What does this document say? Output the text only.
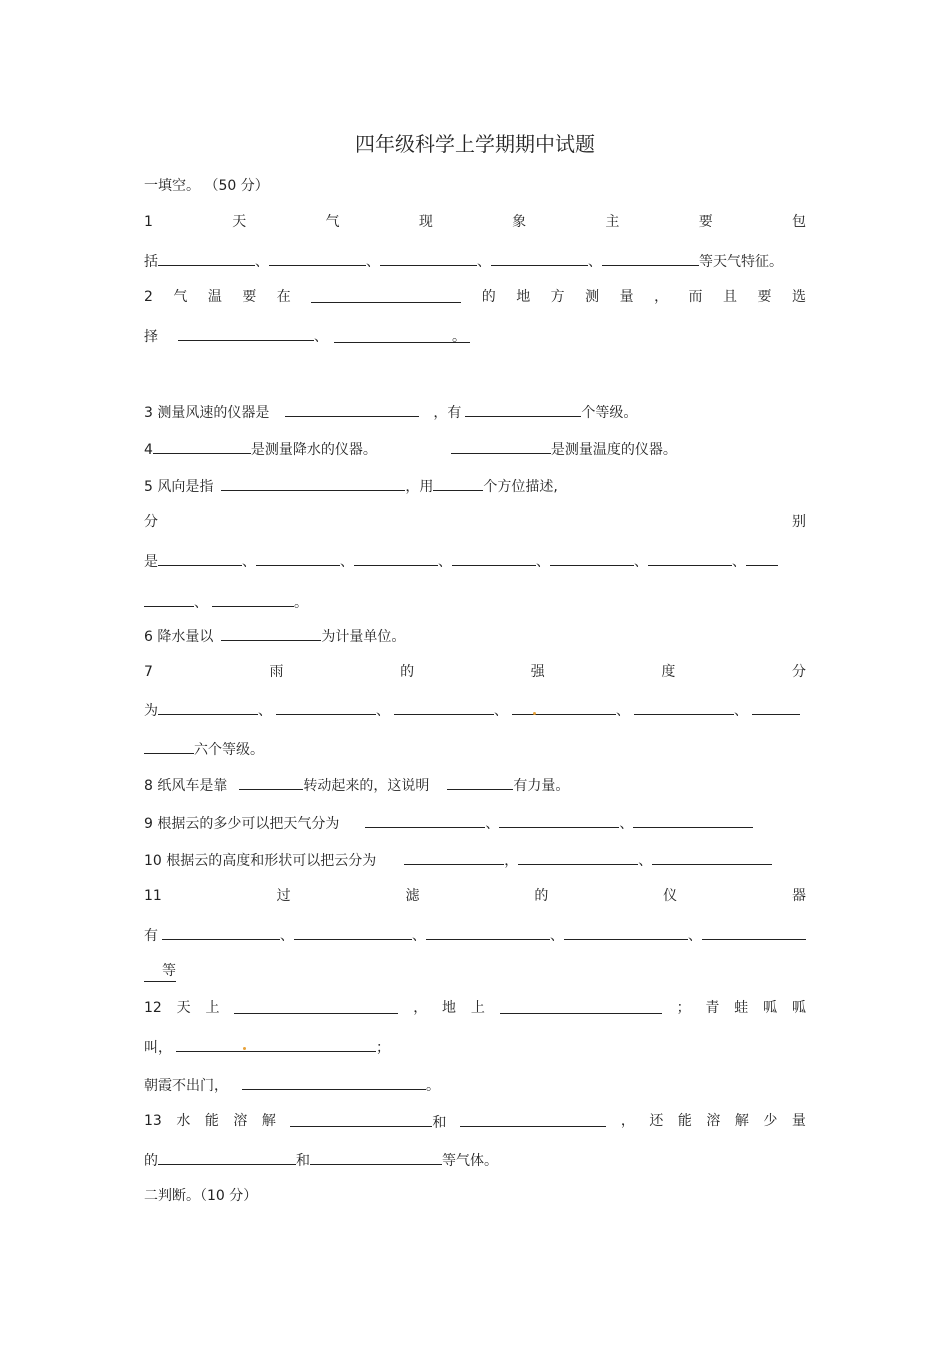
四年级科学上学期期中试题
一填空。 （50 分）
1	天	气	现	象	主	要	包
括	、	、	、	、	等天气特征。
2 气 温 要 在	的 地 方 测 量 ， 而 且 要 选
择	、	。
3 测量风速的仪器是	，有	个等级。
4	是测量降水的仪器。	是测量温度的仪器。
5 风向是指	，用	个方位描述,
分	别
是	、	、	、	、	、	、
、	。
6 降水量以	为计量单位。
7	雨	的	强	度	分
为	、	、	、	、	、
六个等级。
8 纸风车是靠	转动起来的，这说明	有力量。
9 根据云的多少可以把天气分为	、	、
10 根据云的高度和形状可以把云分为	，	、
11	过	滤	的	仪	器
有	、	、	、	、
等
12 天 上	， 地 上	； 青 蛙 呱 呱
叫，	；
朝霞不出门，	。
13 水 能 溶 解	和	， 还 能 溶 解 少 量
的	和	等气体。
二判断。（10 分）
